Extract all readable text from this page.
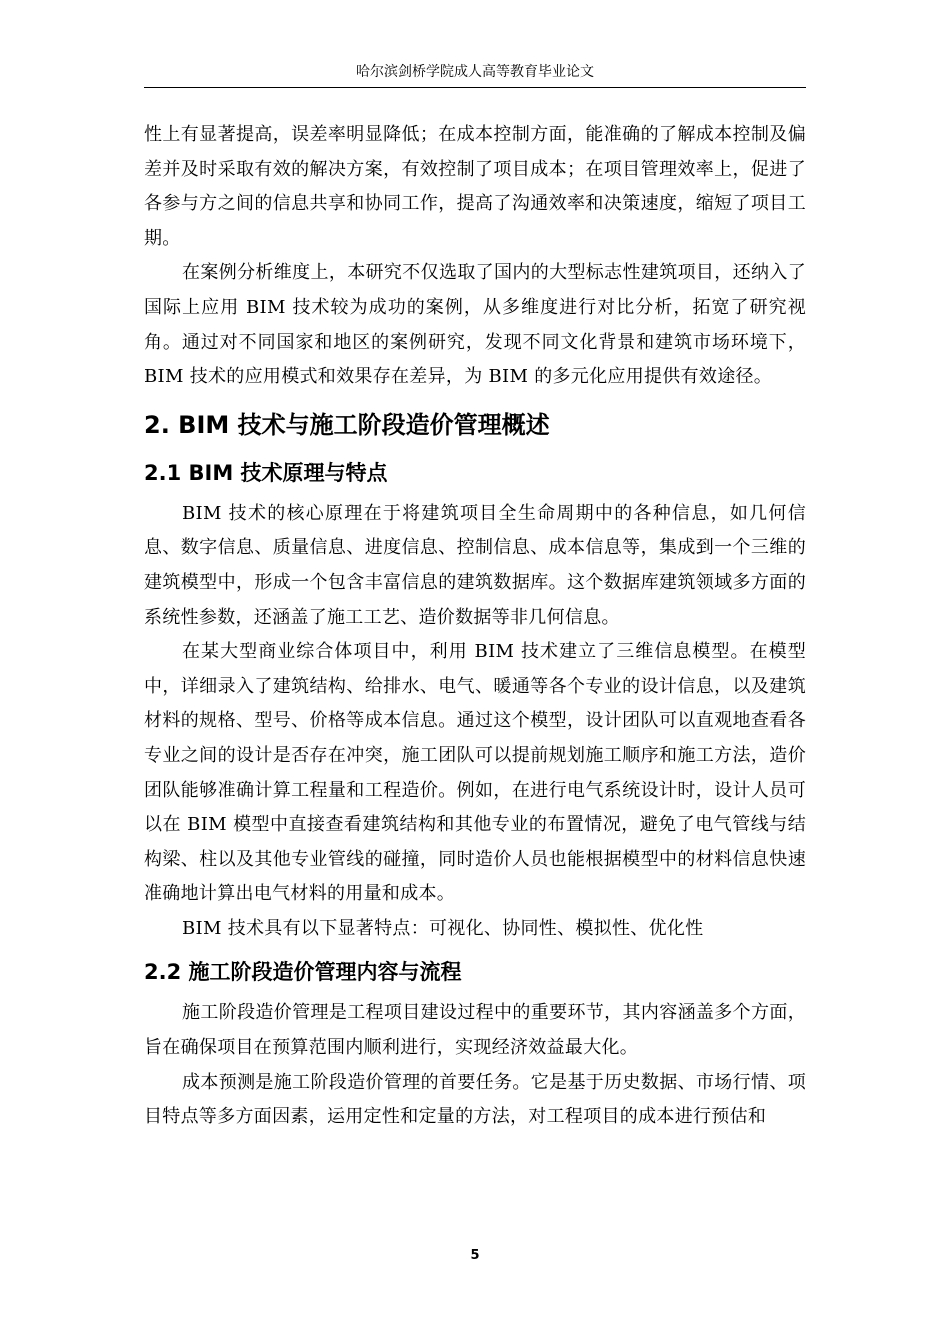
哈尔滨剑桥学院成人高等教育毕业论文

性上有显著提高，误差率明显降低；在成本控制方面，能准确的了解成本控制及偏差并及时采取有效的解决方案，有效控制了项目成本；在项目管理效率上，促进了各参与方之间的信息共享和协同工作，提高了沟通效率和决策速度，缩短了项目工期。

在案例分析维度上，本研究不仅选取了国内的大型标志性建筑项目，还纳入了国际上应用 BIM 技术较为成功的案例，从多维度进行对比分析，拓宽了研究视角。通过对不同国家和地区的案例研究，发现不同文化背景和建筑市场环境下，BIM 技术的应用模式和效果存在差异，为 BIM 的多元化应用提供有效途径。

2. BIM 技术与施工阶段造价管理概述
2.1 BIM 技术原理与特点

BIM 技术的核心原理在于将建筑项目全生命周期中的各种信息，如几何信息、数字信息、质量信息、进度信息、控制信息、成本信息等，集成到一个三维的建筑模型中，形成一个包含丰富信息的建筑数据库。这个数据库建筑领域多方面的系统性参数，还涵盖了施工工艺、造价数据等非几何信息。

在某大型商业综合体项目中，利用 BIM 技术建立了三维信息模型。在模型中，详细录入了建筑结构、给排水、电气、暖通等各个专业的设计信息，以及建筑材料的规格、型号、价格等成本信息。通过这个模型，设计团队可以直观地查看各专业之间的设计是否存在冲突，施工团队可以提前规划施工顺序和施工方法，造价团队能够准确计算工程量和工程造价。例如，在进行电气系统设计时，设计人员可以在 BIM 模型中直接查看建筑结构和其他专业的布置情况，避免了电气管线与结构梁、柱以及其他专业管线的碰撞，同时造价人员也能根据模型中的材料信息快速准确地计算出电气材料的用量和成本。

BIM 技术具有以下显著特点：可视化、协同性、模拟性、优化性

2.2 施工阶段造价管理内容与流程

施工阶段造价管理是工程项目建设过程中的重要环节，其内容涵盖多个方面，旨在确保项目在预算范围内顺利进行，实现经济效益最大化。

成本预测是施工阶段造价管理的首要任务。它是基于历史数据、市场行情、项目特点等多方面因素，运用定性和定量的方法，对工程项目的成本进行预估和

5
